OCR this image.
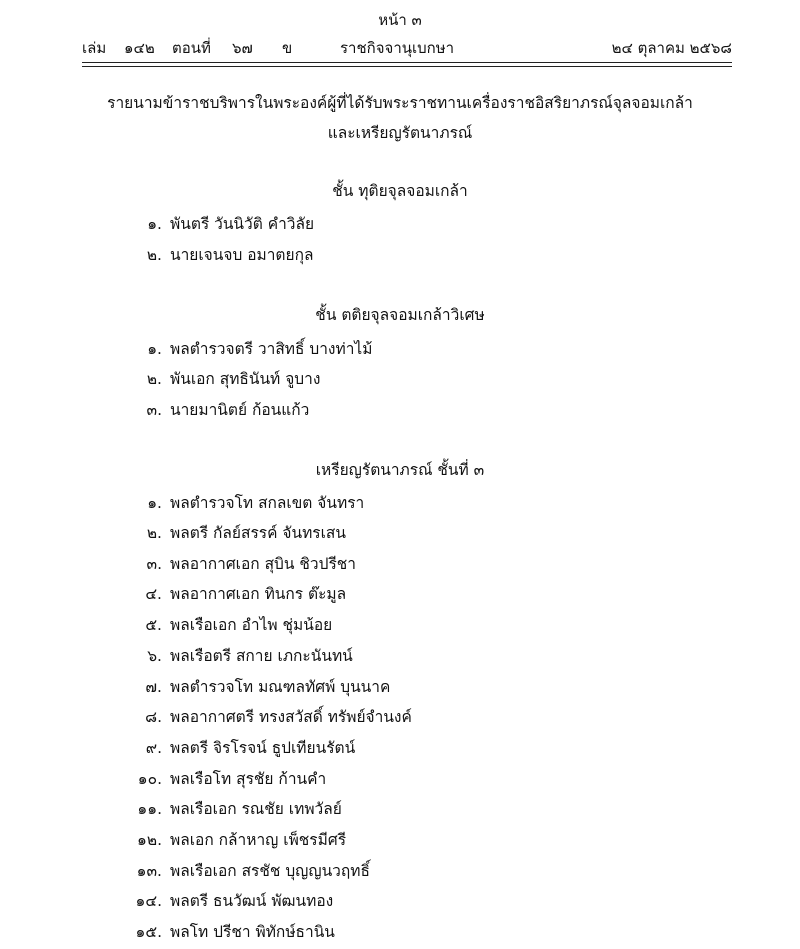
หน้า ๓
เล่ม ๑๔๒ ตอนที่ ๖๗ ข	ราชกิจจานุเบกษา	๒๔ ตุลาคม ๒๕๖๘
รายนามข้าราชบริพารในพระองค์ผู้ที่ได้รับพระราชทานเครื่องราชอิสริยาภรณ์จุลจอมเกล้า
และเหรียญรัตนาภรณ์
ชั้น ทุติยจุลจอมเกล้า
๑. พันตรี วันนิวัติ คำวิลัย
๒. นายเจนจบ อมาตยกุล
ชั้น ตติยจุลจอมเกล้าวิเศษ
๑. พลตำรวจตรี วาสิทธิ์ บางท่าไม้
๒. พันเอก สุทธินันท์ จูบาง
๓. นายมานิตย์ ก้อนแก้ว
เหรียญรัตนาภรณ์ ชั้นที่ ๓
๑. พลตำรวจโท สกลเขต จันทรา
๒. พลตรี กัลย์สรรค์ จันทรเสน
๓. พลอากาศเอก สุบิน ชิวปรีชา
๔. พลอากาศเอก ทินกร ต๊ะมูล
๕. พลเรือเอก อำไพ ชุ่มน้อย
๖. พลเรือตรี สกาย เภกะนันทน์
๗. พลตำรวจโท มณฑลทัศพ์ บุนนาค
๘. พลอากาศตรี ทรงสวัสดิ์ ทรัพย์จำนงค์
๙. พลตรี จิรโรจน์ ธูปเทียนรัตน์
๑๐. พลเรือโท สุรชัย ก้านคำ
๑๑. พลเรือเอก รณชัย เทพวัลย์
๑๒. พลเอก กล้าหาญ เพ็ชรมีศรี
๑๓. พลเรือเอก สรชัช บุญญนวฤทธิ์
๑๔. พลตรี ธนวัฒน์ พัฒนทอง
๑๕. พลโท ปรีชา พิทักษ์ธานิน
